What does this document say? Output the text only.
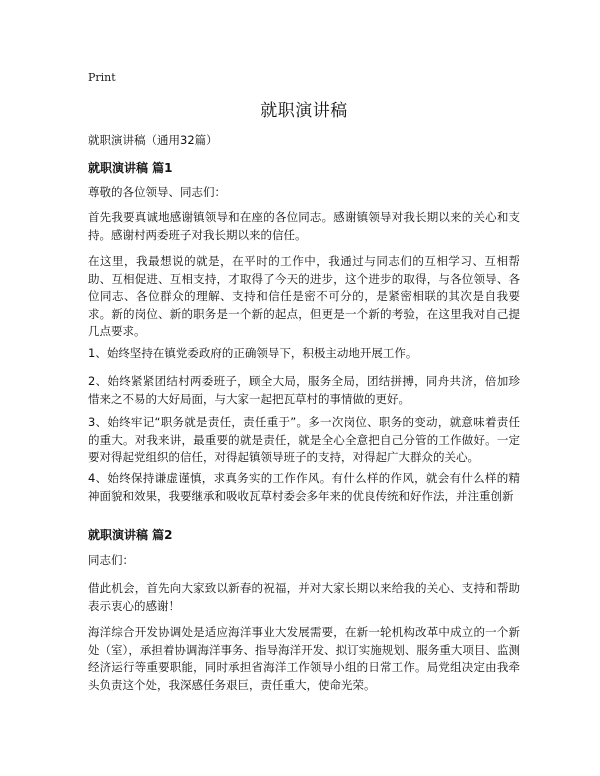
Print
就职演讲稿
就职演讲稿（通用32篇）
就职演讲稿 篇1
尊敬的各位领导、同志们：
首先我要真诚地感谢镇领导和在座的各位同志。感谢镇领导对我长期以来的关心和支持。感谢村两委班子对我长期以来的信任。
在这里，我最想说的就是，在平时的工作中，我通过与同志们的互相学习、互相帮助、互相促进、互相支持，才取得了今天的进步，这个进步的取得，与各位领导、各位同志、各位群众的理解、支持和信任是密不可分的，是紧密相联的其次是自我要求。新的岗位、新的职务是一个新的起点，但更是一个新的考验，在这里我对自己提几点要求。
1、始终坚持在镇党委政府的正确领导下，积极主动地开展工作。
2、始终紧紧团结村两委班子，顾全大局，服务全局，团结拼搏，同舟共济，倍加珍惜来之不易的大好局面，与大家一起把瓦草村的事情做的更好。
3、始终牢记“职务就是责任，责任重于”。多一次岗位、职务的变动，就意味着责任的重大。对我来讲，最重要的就是责任，就是全心全意把自己分管的工作做好。一定要对得起党组织的信任，对得起镇领导班子的支持，对得起广大群众的关心。
4、始终保持谦虚谨慎，求真务实的工作作风。有什么样的作风，就会有什么样的精神面貌和效果，我要继承和吸收瓦草村委会多年来的优良传统和好作法，并注重创新
就职演讲稿 篇2
同志们：
借此机会，首先向大家致以新春的祝福，并对大家长期以来给我的关心、支持和帮助表示衷心的感谢！
海洋综合开发协调处是适应海洋事业大发展需要，在新一轮机构改革中成立的一个新处（室），承担着协调海洋事务、指导海洋开发、拟订实施规划、服务重大项目、监测经济运行等重要职能，同时承担省海洋工作领导小组的日常工作。局党组决定由我牵头负责这个处，我深感任务艰巨，责任重大，使命光荣。
